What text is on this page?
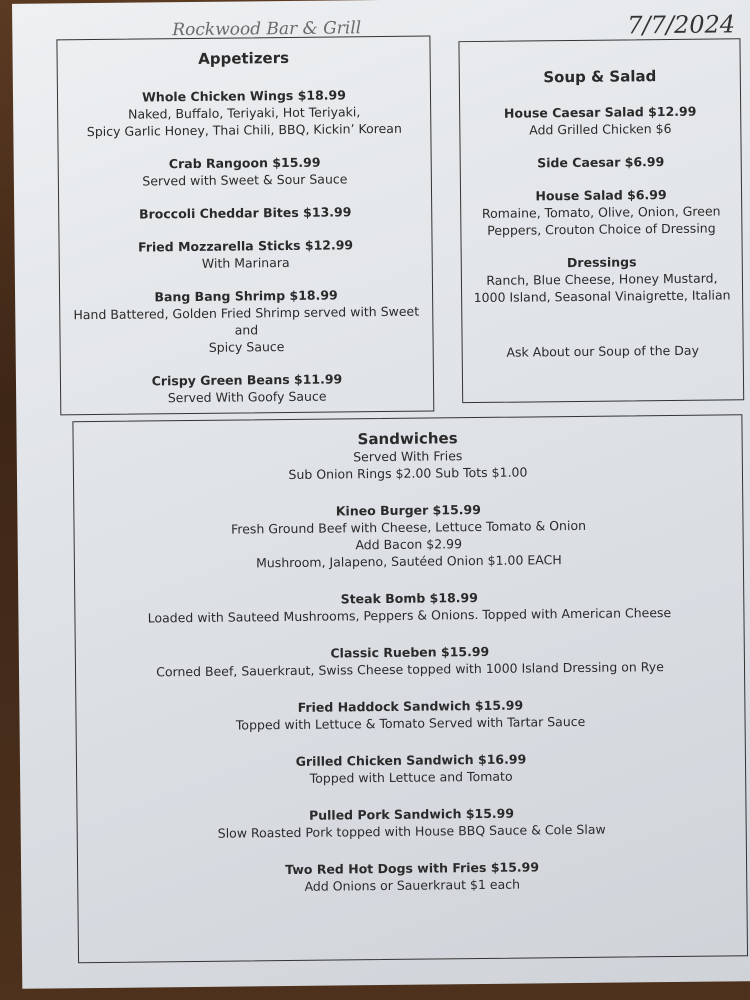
Rockwood Bar & Grill	7/7/2024

Appetizers

Whole Chicken Wings $18.99
Naked, Buffalo, Teriyaki, Hot Teriyaki,
Spicy Garlic Honey, Thai Chili, BBQ, Kickin’ Korean
Crab Rangoon $15.99
Served with Sweet & Sour Sauce
Broccoli Cheddar Bites $13.99
Fried Mozzarella Sticks $12.99
With Marinara
Bang Bang Shrimp $18.99
Hand Battered, Golden Fried Shrimp served with Sweet and
Spicy Sauce
Crispy Green Beans $11.99
Served With Goofy Sauce

Soup & Salad

House Caesar Salad $12.99
Add Grilled Chicken $6
Side Caesar $6.99
House Salad $6.99
Romaine, Tomato, Olive, Onion, Green
Peppers, Crouton Choice of Dressing
Dressings
Ranch, Blue Cheese, Honey Mustard,
1000 Island, Seasonal Vinaigrette, Italian
Ask About our Soup of the Day

Sandwiches

Served With Fries
Sub Onion Rings $2.00 Sub Tots $1.00
Kineo Burger $15.99
Fresh Ground Beef with Cheese, Lettuce Tomato & Onion
Add Bacon $2.99
Mushroom, Jalapeno, Sautéed Onion $1.00 EACH
Steak Bomb $18.99
Loaded with Sauteed Mushrooms, Peppers & Onions. Topped with American Cheese
Classic Rueben $15.99
Corned Beef, Sauerkraut, Swiss Cheese topped with 1000 Island Dressing on Rye
Fried Haddock Sandwich $15.99
Topped with Lettuce & Tomato Served with Tartar Sauce
Grilled Chicken Sandwich $16.99
Topped with Lettuce and Tomato
Pulled Pork Sandwich $15.99
Slow Roasted Pork topped with House BBQ Sauce & Cole Slaw
Two Red Hot Dogs with Fries $15.99
Add Onions or Sauerkraut $1 each
